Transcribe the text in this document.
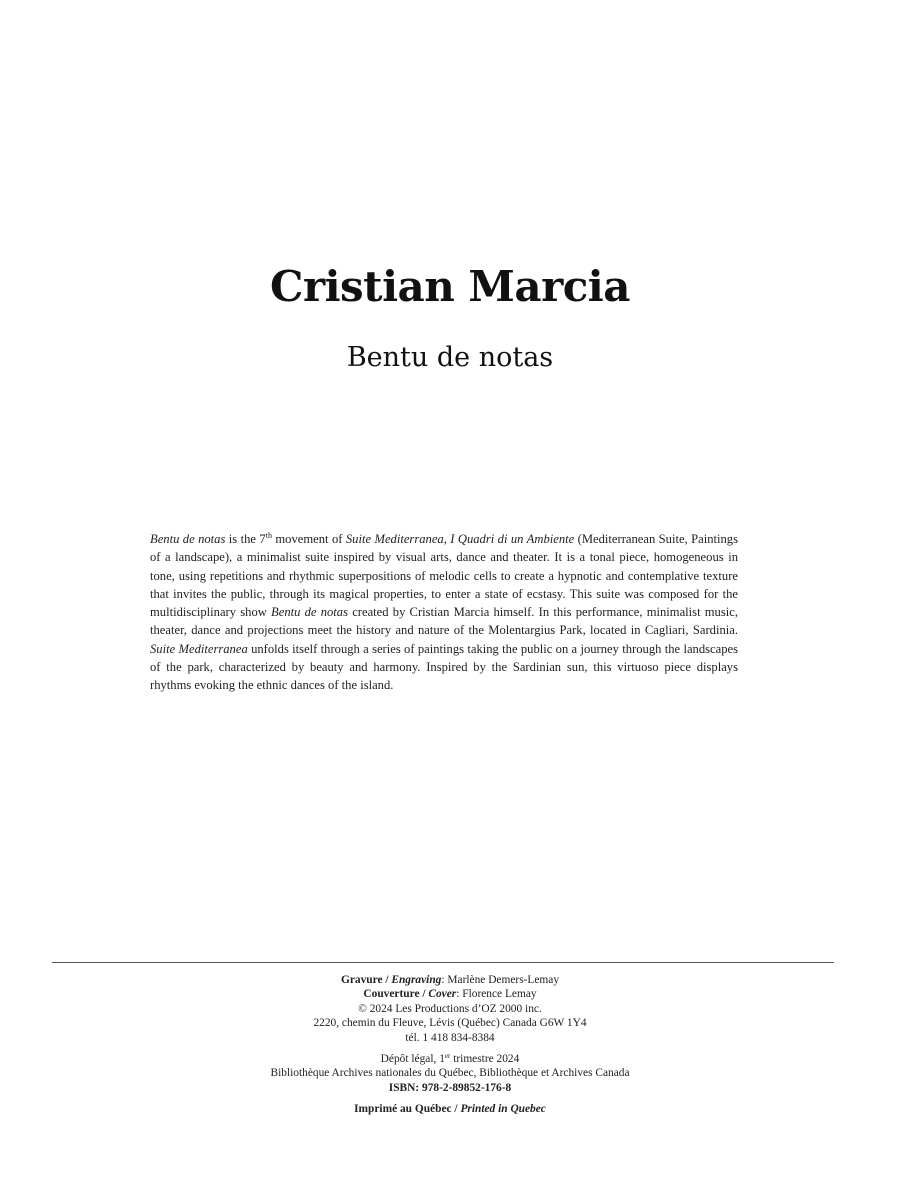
Cristian Marcia
Bentu de notas

Bentu de notas is the 7th movement of Suite Mediterranea, I Quadri di un Ambiente (Mediterranean Suite, Paintings of a landscape), a minimalist suite inspired by visual arts, dance and theater. It is a tonal piece, homogeneous in tone, using repetitions and rhythmic superpositions of melodic cells to create a hypnotic and contemplative texture that invites the public, through its magical properties, to enter a state of ecstasy. This suite was composed for the multidisciplinary show Bentu de notas created by Cristian Marcia himself. In this performance, minimalist music, theater, dance and projections meet the history and nature of the Molentargius Park, located in Cagliari, Sardinia. Suite Mediterranea unfolds itself through a series of paintings taking the public on a journey through the landscapes of the park, characterized by beauty and harmony. Inspired by the Sardinian sun, this virtuoso piece displays rhythms evoking the ethnic dances of the island.

Gravure / Engraving: Marlène Demers-Lemay
Couverture / Cover: Florence Lemay
© 2024 Les Productions d’OZ 2000 inc.
2220, chemin du Fleuve, Lévis (Québec) Canada G6W 1Y4
tél. 1 418 834-8384
Dépôt légal, 1er trimestre 2024
Bibliothèque Archives nationales du Québec, Bibliothèque et Archives Canada
ISBN: 978-2-89852-176-8
Imprimé au Québec / Printed in Quebec
